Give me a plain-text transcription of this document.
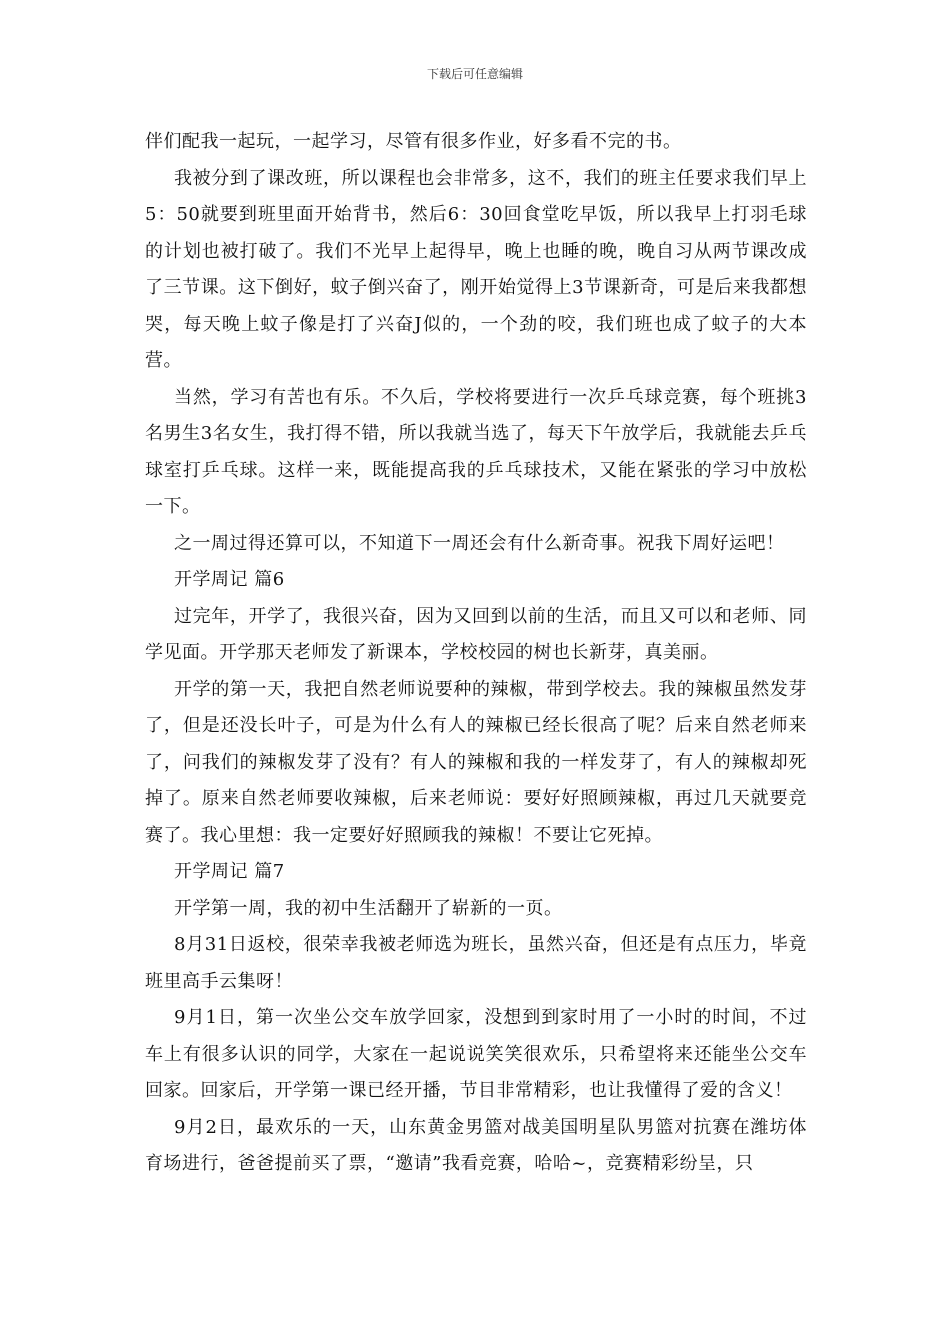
下载后可任意编辑

伴们配我一起玩，一起学习，尽管有很多作业，好多看不完的书。

我被分到了课改班，所以课程也会非常多，这不，我们的班主任要求我们早上5：50就要到班里面开始背书，然后6：30回食堂吃早饭，所以我早上打羽毛球的计划也被打破了。我们不光早上起得早，晚上也睡的晚，晚自习从两节课改成了三节课。这下倒好，蚊子倒兴奋了，刚开始觉得上3节课新奇，可是后来我都想哭，每天晚上蚊子像是打了兴奋J似的，一个劲的咬，我们班也成了蚊子的大本营。

当然，学习有苦也有乐。不久后，学校将要进行一次乒乓球竞赛，每个班挑3名男生3名女生，我打得不错，所以我就当选了，每天下午放学后，我就能去乒乓球室打乒乓球。这样一来，既能提高我的乒乓球技术，又能在紧张的学习中放松一下。

之一周过得还算可以，不知道下一周还会有什么新奇事。祝我下周好运吧！

开学周记 篇6

过完年，开学了，我很兴奋，因为又回到以前的生活，而且又可以和老师、同学见面。开学那天老师发了新课本，学校校园的树也长新芽，真美丽。

开学的第一天，我把自然老师说要种的辣椒，带到学校去。我的辣椒虽然发芽了，但是还没长叶子，可是为什么有人的辣椒已经长很高了呢？后来自然老师来了，问我们的辣椒发芽了没有？有人的辣椒和我的一样发芽了，有人的辣椒却死掉了。原来自然老师要收辣椒，后来老师说：要好好照顾辣椒，再过几天就要竞赛了。我心里想：我一定要好好照顾我的辣椒！不要让它死掉。

开学周记 篇7

开学第一周，我的初中生活翻开了崭新的一页。

8月31日返校，很荣幸我被老师选为班长，虽然兴奋，但还是有点压力，毕竟班里高手云集呀！

9月1日，第一次坐公交车放学回家，没想到到家时用了一小时的时间，不过车上有很多认识的同学，大家在一起说说笑笑很欢乐，只希望将来还能坐公交车回家。回家后，开学第一课已经开播，节目非常精彩，也让我懂得了爱的含义！

9月2日，最欢乐的一天，山东黄金男篮对战美国明星队男篮对抗赛在潍坊体育场进行，爸爸提前买了票，“邀请”我看竞赛，哈哈~，竞赛精彩纷呈，只
